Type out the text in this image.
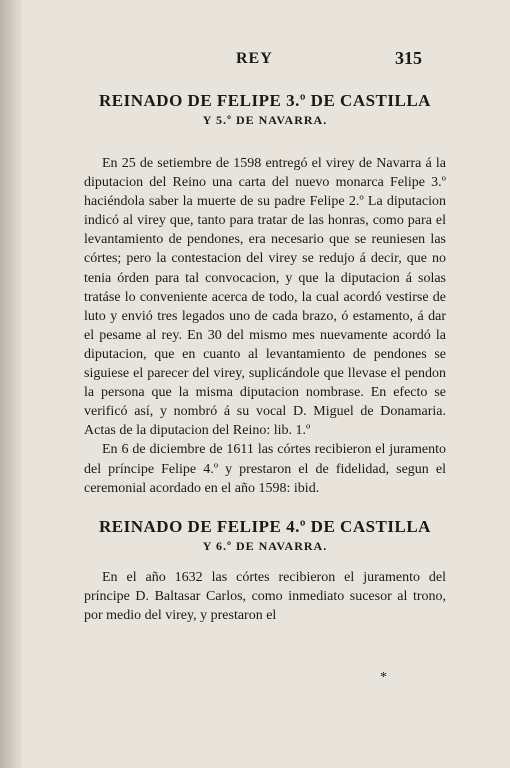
REY	315
REINADO DE FELIPE 3.º DE CASTILLA
Y 5.º DE NAVARRA.

En 25 de setiembre de 1598 entregó el virey de Navarra á la diputacion del Reino una carta del nuevo monarca Felipe 3.º haciéndola saber la muerte de su padre Felipe 2.º La diputacion indicó al virey que, tanto para tratar de las honras, como para el levantamiento de pendones, era necesario que se reuniesen las córtes; pero la contestacion del virey se redujo á decir, que no tenia órden para tal convocacion, y que la diputacion á solas tratáse lo conveniente acerca de todo, la cual acordó vestirse de luto y envió tres legados uno de cada brazo, ó estamento, á dar el pesame al rey. En 30 del mismo mes nuevamente acordó la diputacion, que en cuanto al levantamiento de pendones se siguiese el parecer del virey, suplicándole que llevase el pendon la persona que la misma diputacion nombrase. En efecto se verificó así, y nombró á su vocal D. Miguel de Donamaria. Actas de la diputacion del Reino: lib. 1.º

En 6 de diciembre de 1611 las córtes recibieron el juramento del príncipe Felipe 4.º y prestaron el de fidelidad, segun el ceremonial acordado en el año 1598: ibid.

REINADO DE FELIPE 4.º DE CASTILLA
Y 6.º DE NAVARRA.

En el año 1632 las córtes recibieron el juramento del príncipe D. Baltasar Carlos, como inmediato sucesor al trono, por medio del virey, y prestaron el

*
